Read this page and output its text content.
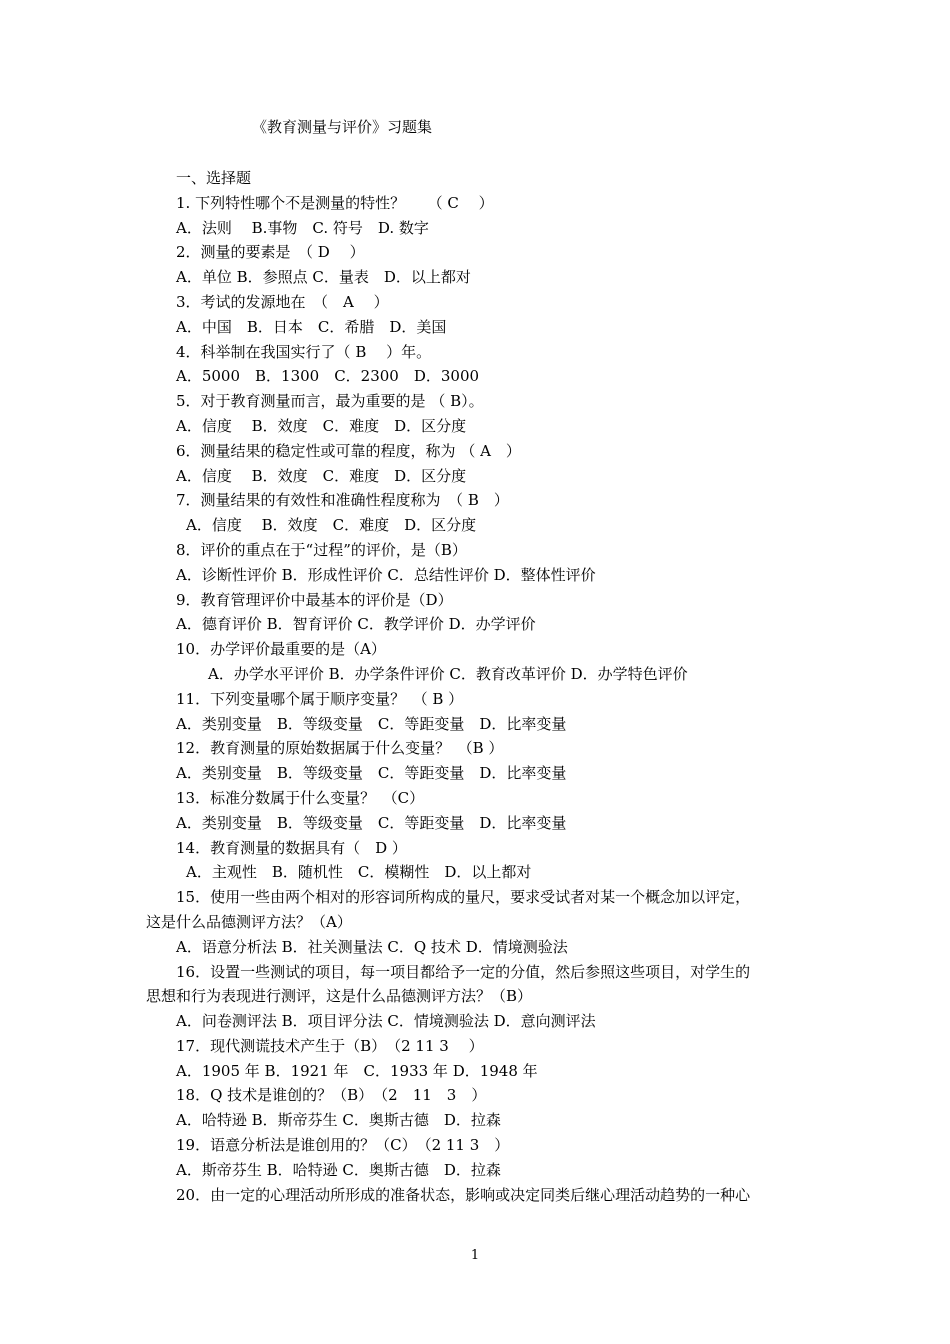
《教育测量与评价》习题集
一、选择题
1. 下列特性哪个不是测量的特性？　　（ C　 ）
A．法则　 B.事物　C. 符号　D. 数字
2．测量的要素是　（ D　 ）
A．单位 B．参照点 C．量表　D．以上都对
3．考试的发源地在　（　A　 ）
A．中国　B．日本　C．希腊　D．美国
4．科举制在我国实行了（ B　 ）年。
A．5000　B．1300　C．2300　D．3000
5．对于教育测量而言，最为重要的是 （ B）。
A．信度　 B．效度　C．难度　D．区分度
6．测量结果的稳定性或可靠的程度，称为 （ A　）
A．信度　 B．效度　C．难度　D．区分度
7．测量结果的有效性和准确性程度称为　（ B　）
A．信度　 B．效度　C．难度　D．区分度
8．评价的重点在于“过程”的评价，是（B）
A．诊断性评价 B．形成性评价 C．总结性评价 D．整体性评价
9．教育管理评价中最基本的评价是（D）
A．德育评价 B．智育评价 C．教学评价 D．办学评价
10．办学评价最重要的是（A）
A．办学水平评价 B．办学条件评价 C．教育改革评价 D．办学特色评价
11．下列变量哪个属于顺序变量？　（ B ）
A．类别变量　B．等级变量　C．等距变量　D．比率变量
12．教育测量的原始数据属于什么变量？　（B ）
A．类别变量　B．等级变量　C．等距变量　D．比率变量
13．标准分数属于什么变量？　（C）
A．类别变量　B．等级变量　C．等距变量　D．比率变量
14．教育测量的数据具有（　D ）
A．主观性　B．随机性　C．模糊性　D．以上都对
15．使用一些由两个相对的形容词所构成的量尺，要求受试者对某一个概念加以评定，
这是什么品德测评方法？（A）
A．语意分析法 B．社关测量法 C．Q 技术 D．情境测验法
16．设置一些测试的项目，每一项目都给予一定的分值，然后参照这些项目，对学生的
思想和行为表现进行测评，这是什么品德测评方法？（B）
A．问卷测评法 B．项目评分法 C．情境测验法 D．意向测评法
17．现代测谎技术产生于（B）　（2 11 3　 ）
A．1905 年 B．1921 年　C．1933 年 D．1948 年
18．Q 技术是谁创的？（B）　（2　11　3　）
A．哈特逊 B．斯帝芬生 C．奥斯古德　D．拉森
19．语意分析法是谁创用的？（C）　（2 11 3　）
A．斯帝芬生 B．哈特逊 C．奥斯古德　D．拉森
20．由一定的心理活动所形成的准备状态，影响或决定同类后继心理活动趋势的一种心
1
